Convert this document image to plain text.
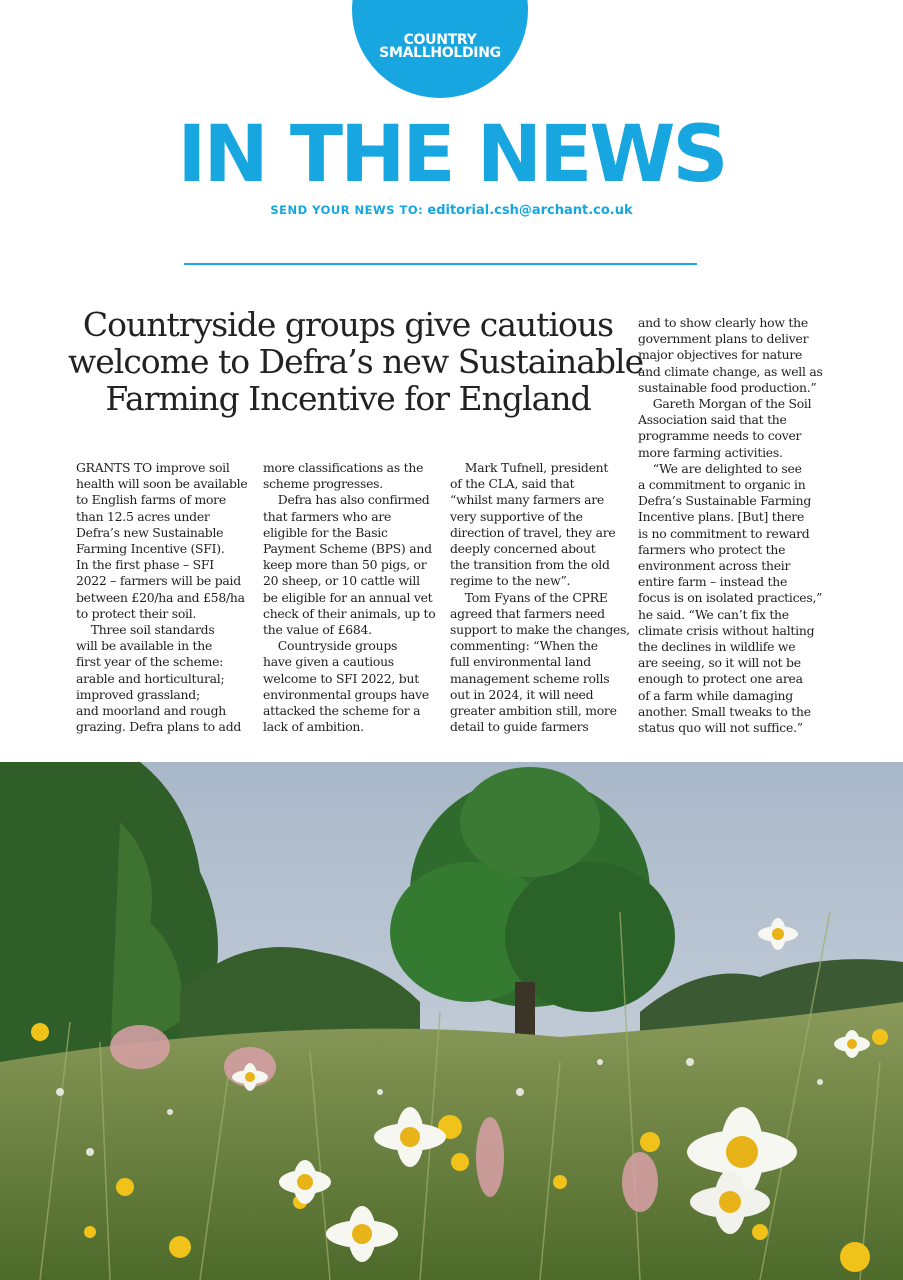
COUNTRY
SMALLHOLDING
IN THE NEWS
SEND YOUR NEWS TO: editorial.csh@archant.co.uk
Countryside groups give cautious
welcome to Defra’s new Sustainable
Farming Incentive for England

GRANTS TO improve soil

health will soon be available

to English farms of more

than 12.5 acres under

Defra’s new Sustainable

Farming Incentive (SFI).

In the first phase – SFI

2022 – farmers will be paid

between £20/ha and £58/ha

to protect their soil.

Three soil standards

will be available in the

first year of the scheme:

arable and horticultural;

improved grassland;

and moorland and rough

grazing. Defra plans to add

more classifications as the

scheme progresses.

Defra has also confirmed

that farmers who are

eligible for the Basic

Payment Scheme (BPS) and

keep more than 50 pigs, or

20 sheep, or 10 cattle will

be eligible for an annual vet

check of their animals, up to

the value of £684.

Countryside groups

have given a cautious

welcome to SFI 2022, but

environmental groups have

attacked the scheme for a

lack of ambition.

Mark Tufnell, president

of the CLA, said that

“whilst many farmers are

very supportive of the

direction of travel, they are

deeply concerned about

the transition from the old

regime to the new”.

Tom Fyans of the CPRE

agreed that farmers need

support to make the changes,

commenting: “When the

full environmental land

management scheme rolls

out in 2024, it will need

greater ambition still, more

detail to guide farmers

and to show clearly how the

government plans to deliver

major objectives for nature

and climate change, as well as

sustainable food production.”

Gareth Morgan of the Soil

Association said that the

programme needs to cover

more farming activities.

“We are delighted to see

a commitment to organic in

Defra’s Sustainable Farming

Incentive plans. [But] there

is no commitment to reward

farmers who protect the

environment across their

entire farm – instead the

focus is on isolated practices,”

he said. “We can’t fix the

climate crisis without halting

the declines in wildlife we

are seeing, so it will not be

enough to protect one area

of a farm while damaging

another. Small tweaks to the

status quo will not suffice.”
